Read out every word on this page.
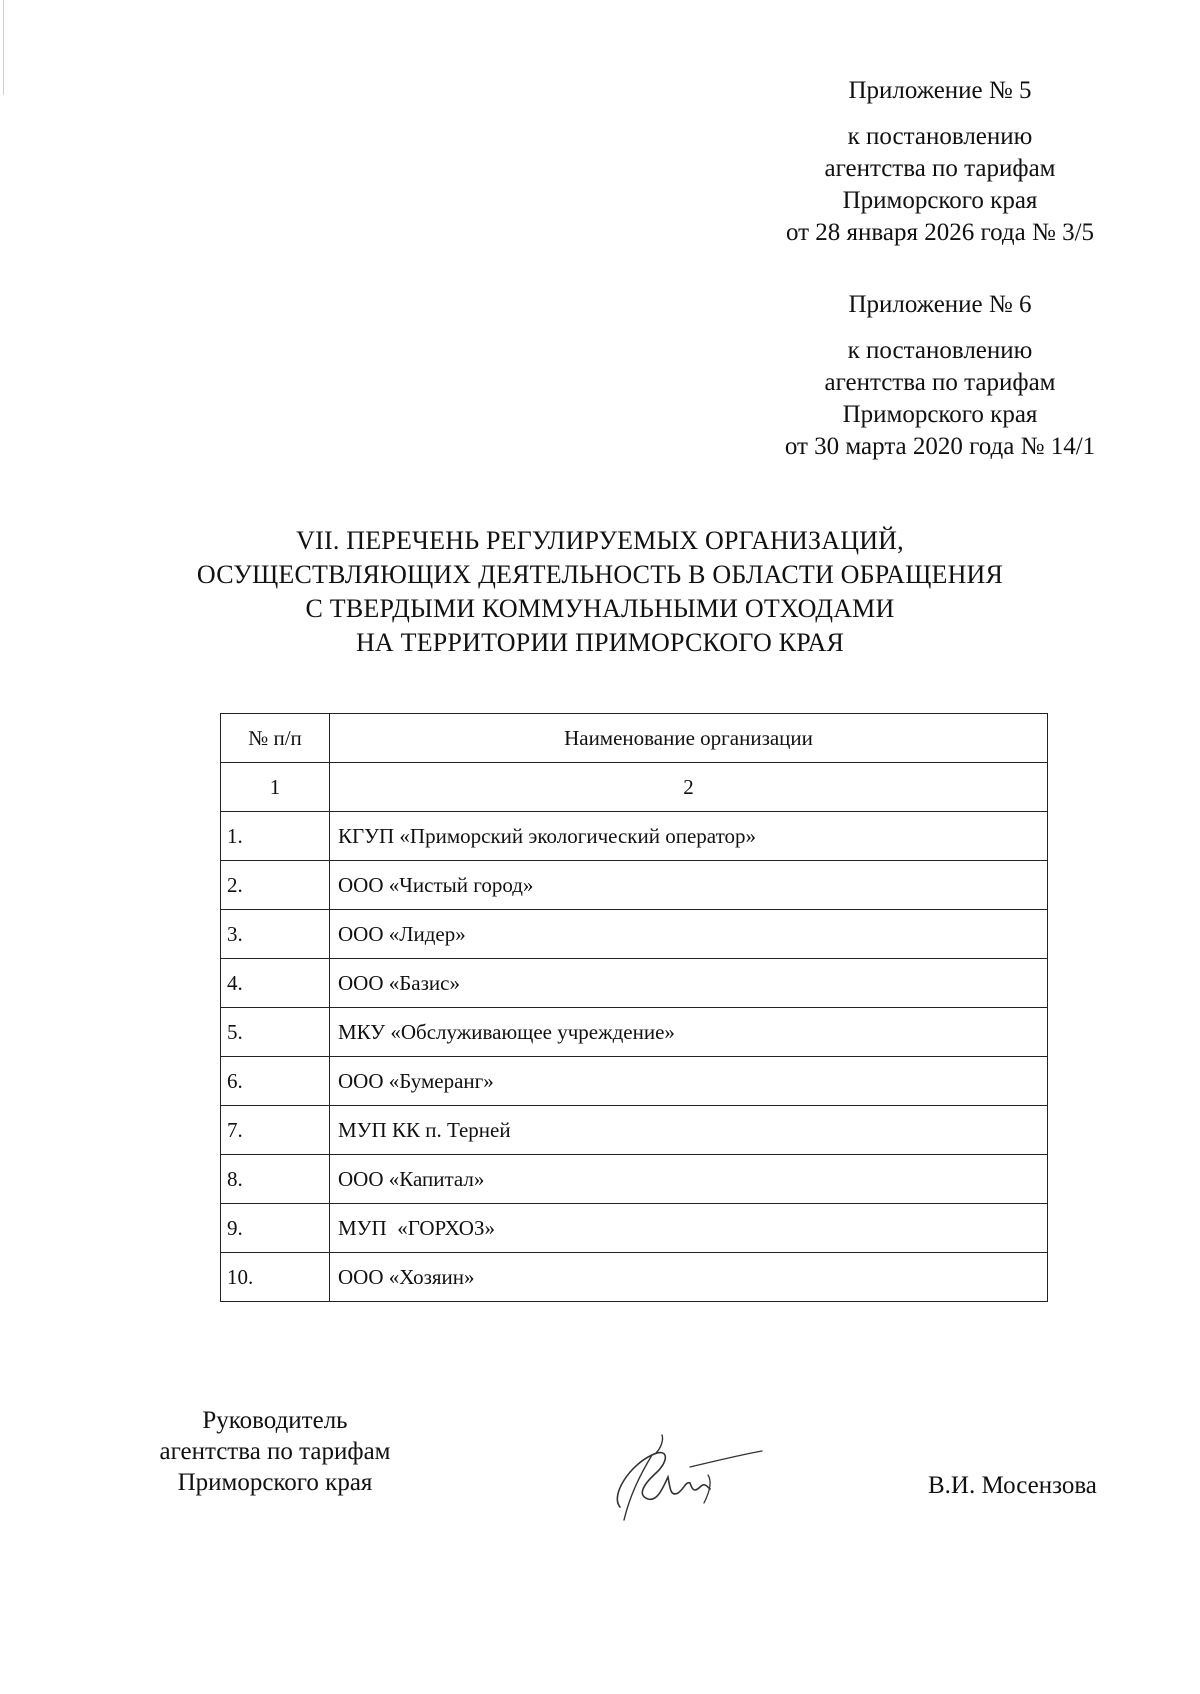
Приложение № 5
к постановлению
агентства по тарифам
Приморского края
от 28 января 2026 года № 3/5
Приложение № 6
к постановлению
агентства по тарифам
Приморского края
от 30 марта 2020 года № 14/1
VII. ПЕРЕЧЕНЬ РЕГУЛИРУЕМЫХ ОРГАНИЗАЦИЙ,
ОСУЩЕСТВЛЯЮЩИХ ДЕЯТЕЛЬНОСТЬ В ОБЛАСТИ ОБРАЩЕНИЯ
С ТВЕРДЫМИ КОММУНАЛЬНЫМИ ОТХОДАМИ
НА ТЕРРИТОРИИ ПРИМОРСКОГО КРАЯ
№ п/п	Наименование организации
1	2
1.	КГУП «Приморский экологический оператор»
2.	ООО «Чистый город»
3.	ООО «Лидер»
4.	ООО «Базис»
5.	МКУ «Обслуживающее учреждение»
6.	ООО «Бумеранг»
7.	МУП КК п. Терней
8.	ООО «Капитал»
9.	МУП  «ГОРХОЗ»
10.	ООО «Хозяин»
Руководитель
агентства по тарифам
Приморского края	В.И. Мосензова
